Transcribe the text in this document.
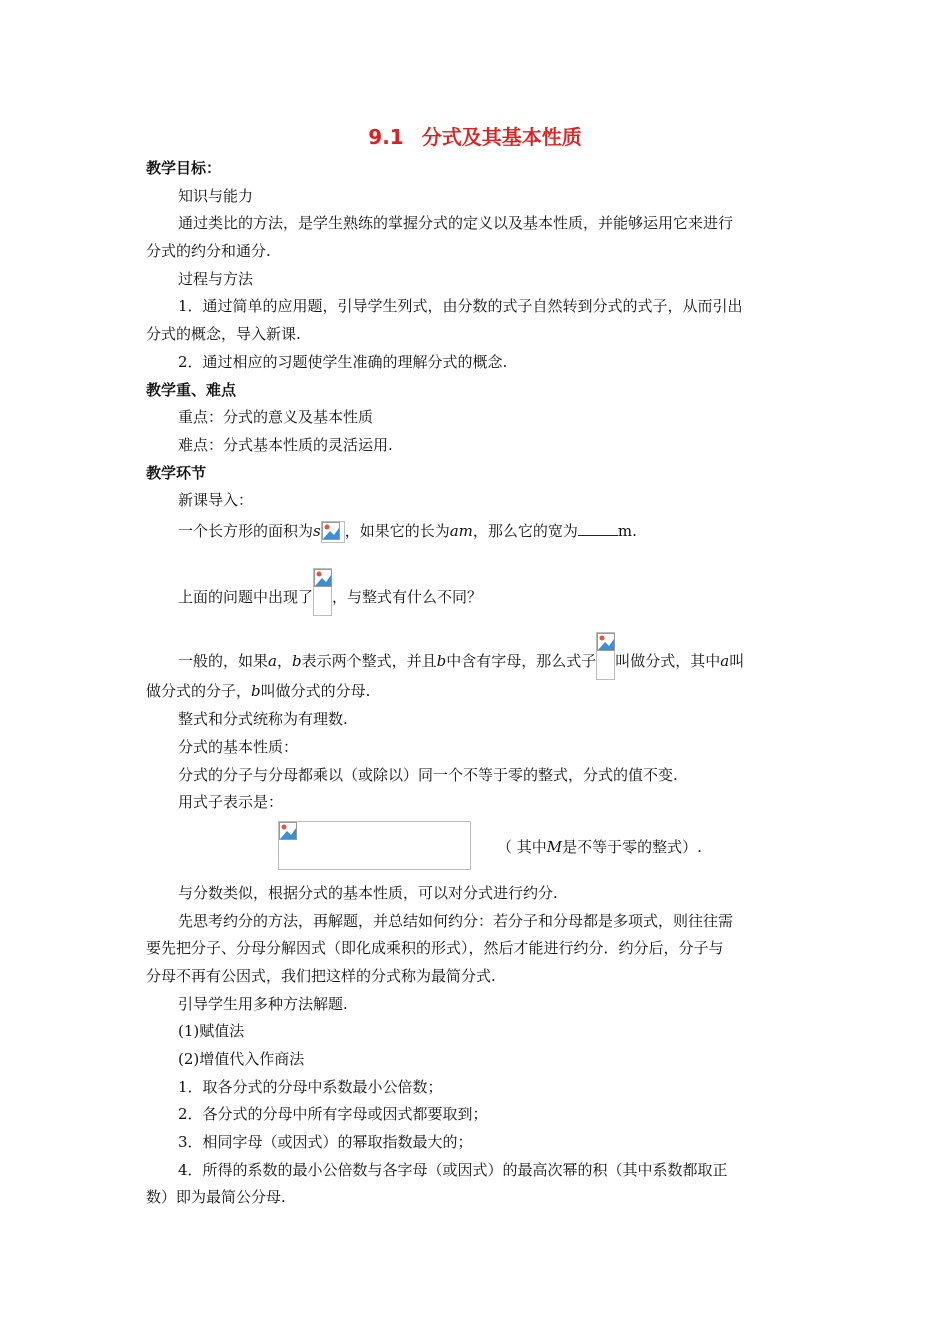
9.1 分式及其基本性质
教学目标：
知识与能力
通过类比的方法，是学生熟练的掌握分式的定义以及基本性质，并能够运用它来进行
分式的约分和通分.
过程与方法
1．通过简单的应用题，引导学生列式，由分数的式子自然转到分式的式子，从而引出
分式的概念，导入新课.
2．通过相应的习题使学生准确的理解分式的概念.
教学重、难点
重点：分式的意义及基本性质
难点：分式基本性质的灵活运用.
教学环节
新课导入：
一个长方形的面积为s ，如果它的长为am，那么它的宽为	m.
上面的问题中出现了 ，与整式有什么不同？
一般的，如果a，b表示两个整式，并且b中含有字母，那么式子 叫做分式，其中a叫
做分式的分子，b叫做分式的分母.
整式和分式统称为有理数.
分式的基本性质：
分式的分子与分母都乘以（或除以）同一个不等于零的整式，分式的值不变.
用式子表示是：
（ 其中M是不等于零的整式）.
与分数类似，根据分式的基本性质，可以对分式进行约分.
先思考约分的方法，再解题，并总结如何约分：若分子和分母都是多项式，则往往需
要先把分子、分母分解因式（即化成乘积的形式），然后才能进行约分．约分后，分子与
分母不再有公因式，我们把这样的分式称为最简分式.
引导学生用多种方法解题.
(1)赋值法
(2)增值代入作商法
1．取各分式的分母中系数最小公倍数；
2．各分式的分母中所有字母或因式都要取到；
3．相同字母（或因式）的幂取指数最大的；
4．所得的系数的最小公倍数与各字母（或因式）的最高次幂的积（其中系数都取正
数）即为最简公分母.
